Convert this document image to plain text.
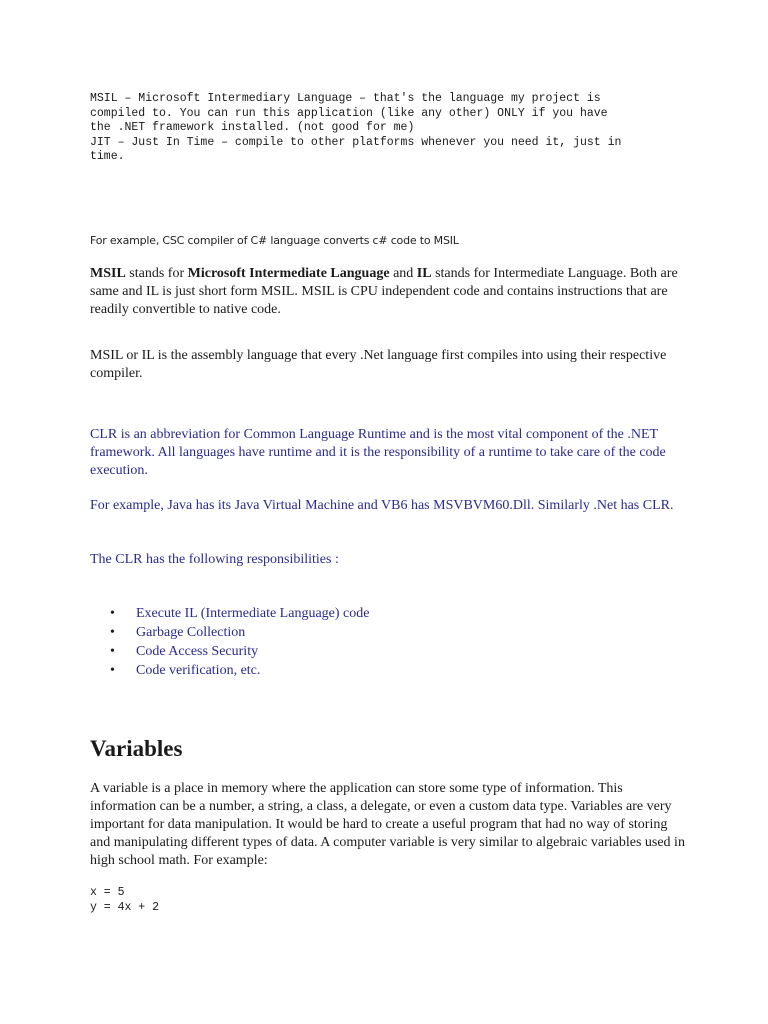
MSIL – Microsoft Intermediary Language – that's the language my project is
compiled to. You can run this application (like any other) ONLY if you have
the .NET framework installed. (not good for me)
JIT – Just In Time – compile to other platforms whenever you need it, just in
time.
For example, CSC compiler of C# language converts c# code to MSIL

MSIL stands for Microsoft Intermediate Language and IL stands for Intermediate Language. Both are same and IL is just short form MSIL. MSIL is CPU independent code and contains instructions that are readily convertible to native code.

MSIL or IL is the assembly language that every .Net language first compiles into using their respective compiler.

CLR is an abbreviation for Common Language Runtime and is the most vital component of the .NET framework. All languages have runtime and it is the responsibility of a runtime to take care of the code execution.

For example, Java has its Java Virtual Machine and VB6 has MSVBVM60.Dll. Similarly .Net has CLR.

The CLR has the following responsibilities :

•	Execute IL (Intermediate Language) code
•	Garbage Collection
•	Code Access Security
•	Code verification, etc.
Variables

A variable is a place in memory where the application can store some type of information. This information can be a number, a string, a class, a delegate, or even a custom data type. Variables are very important for data manipulation. It would be hard to create a useful program that had no way of storing and manipulating different types of data. A computer variable is very similar to algebraic variables used in high school math. For example:

x = 5
y = 4x + 2
